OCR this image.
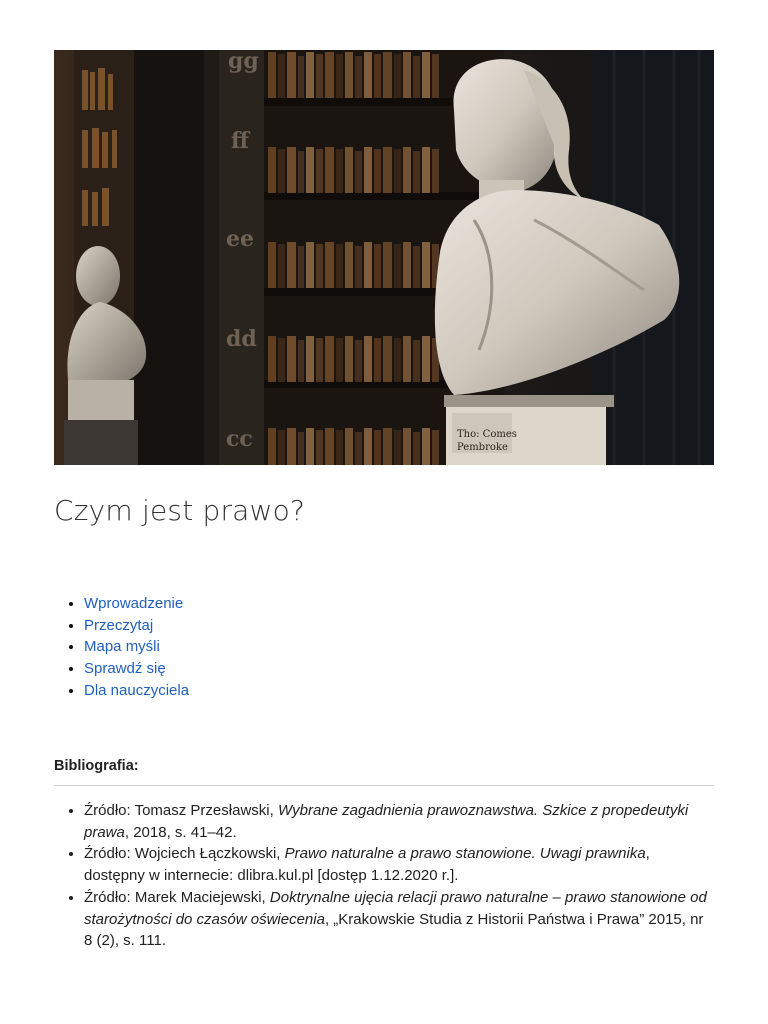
gg
ff
ee
dd
cc	Tho: Comes
Pembroke
Czym jest prawo?
• Wprowadzenie
• Przeczytaj
• Mapa myśli
• Sprawdź się
• Dla nauczyciela
Bibliografia:
• Źródło: Tomasz Przesławski, Wybrane zagadnienia prawoznawstwa. Szkice z propedeutyki prawa, 2018, s. 41–42.
• Źródło: Wojciech Łączkowski, Prawo naturalne a prawo stanowione. Uwagi prawnika, dostępny w internecie: dlibra.kul.pl [dostęp 1.12.2020 r.].
• Źródło: Marek Maciejewski, Doktrynalne ujęcia relacji prawo naturalne – prawo stanowione od starożytności do czasów oświecenia, „Krakowskie Studia z Historii Państwa i Prawa” 2015, nr 8 (2), s. 111.
